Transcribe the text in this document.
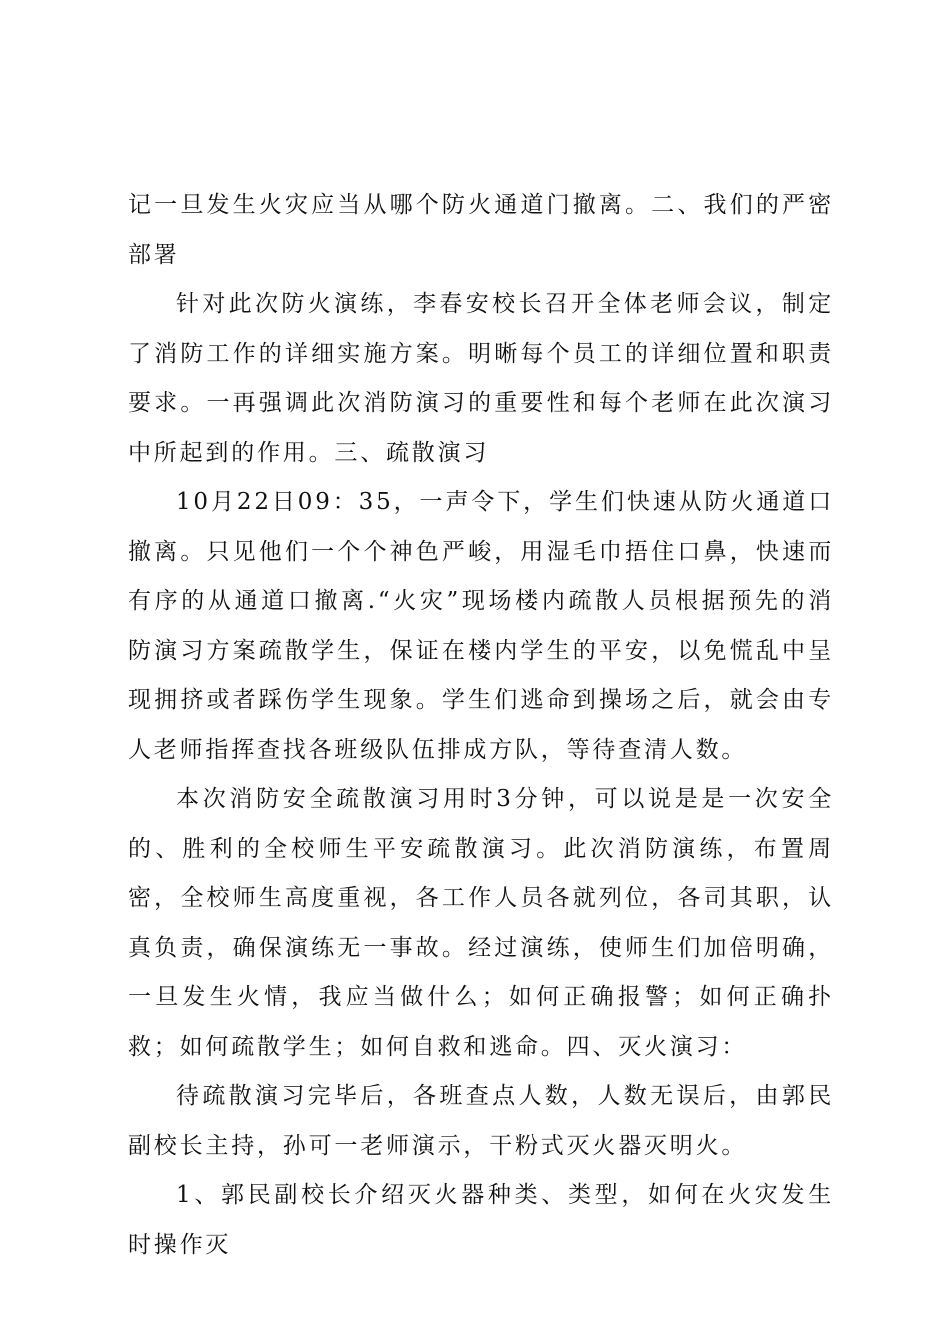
记一旦发生火灾应当从哪个防火通道门撤离。二、我们的严密部署

针对此次防火演练，李春安校长召开全体老师会议，制定了消防工作的详细实施方案。明晰每个员工的详细位置和职责要求。一再强调此次消防演习的重要性和每个老师在此次演习中所起到的作用。三、疏散演习

10月22日09：35，一声令下，学生们快速从防火通道口撤离。只见他们一个个神色严峻，用湿毛巾捂住口鼻，快速而有序的从通道口撤离.“火灾”现场楼内疏散人员根据预先的消防演习方案疏散学生，保证在楼内学生的平安，以免慌乱中呈现拥挤或者踩伤学生现象。学生们逃命到操场之后，就会由专人老师指挥查找各班级队伍排成方队，等待查清人数。

本次消防安全疏散演习用时3分钟，可以说是是一次安全的、胜利的全校师生平安疏散演习。此次消防演练，布置周密，全校师生高度重视，各工作人员各就列位，各司其职，认真负责，确保演练无一事故。经过演练，使师生们加倍明确，一旦发生火情，我应当做什么；如何正确报警；如何正确扑救；如何疏散学生；如何自救和逃命。四、灭火演习：

待疏散演习完毕后，各班查点人数，人数无误后，由郭民副校长主持，孙可一老师演示，干粉式灭火器灭明火。

1、郭民副校长介绍灭火器种类、类型，如何在火灾发生时操作灭
